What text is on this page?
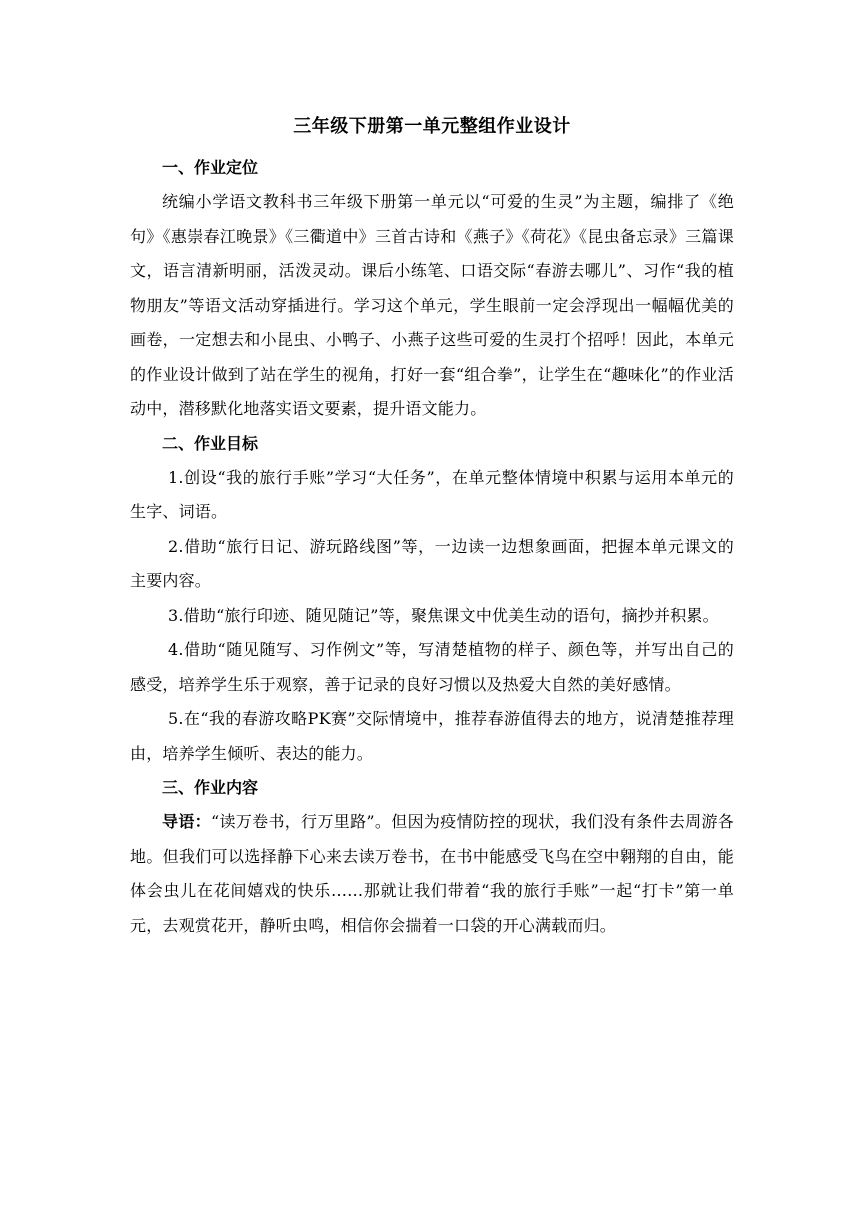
三年级下册第一单元整组作业设计
一、作业定位

统编小学语文教科书三年级下册第一单元以“可爱的生灵”为主题，编排了《绝句》《惠崇春江晚景》《三衢道中》三首古诗和《燕子》《荷花》《昆虫备忘录》三篇课文，语言清新明丽，活泼灵动。课后小练笔、口语交际“春游去哪儿”、习作“我的植物朋友”等语文活动穿插进行。学习这个单元，学生眼前一定会浮现出一幅幅优美的画卷，一定想去和小昆虫、小鸭子、小燕子这些可爱的生灵打个招呼！因此，本单元的作业设计做到了站在学生的视角，打好一套“组合拳”，让学生在“趣味化”的作业活动中，潜移默化地落实语文要素，提升语文能力。

二、作业目标

1.创设“我的旅行手账”学习“大任务”，在单元整体情境中积累与运用本单元的生字、词语。

2.借助“旅行日记、游玩路线图”等，一边读一边想象画面，把握本单元课文的主要内容。

3.借助“旅行印迹、随见随记”等，聚焦课文中优美生动的语句，摘抄并积累。

4.借助“随见随写、习作例文”等，写清楚植物的样子、颜色等，并写出自己的感受，培养学生乐于观察，善于记录的良好习惯以及热爱大自然的美好感情。

5.在“我的春游攻略PK赛”交际情境中，推荐春游值得去的地方，说清楚推荐理由，培养学生倾听、表达的能力。

三、作业内容

导语：“读万卷书，行万里路”。但因为疫情防控的现状，我们没有条件去周游各地。但我们可以选择静下心来去读万卷书，在书中能感受飞鸟在空中翱翔的自由，能体会虫儿在花间嬉戏的快乐……那就让我们带着“我的旅行手账”一起“打卡”第一单元，去观赏花开，静听虫鸣，相信你会揣着一口袋的开心满载而归。
